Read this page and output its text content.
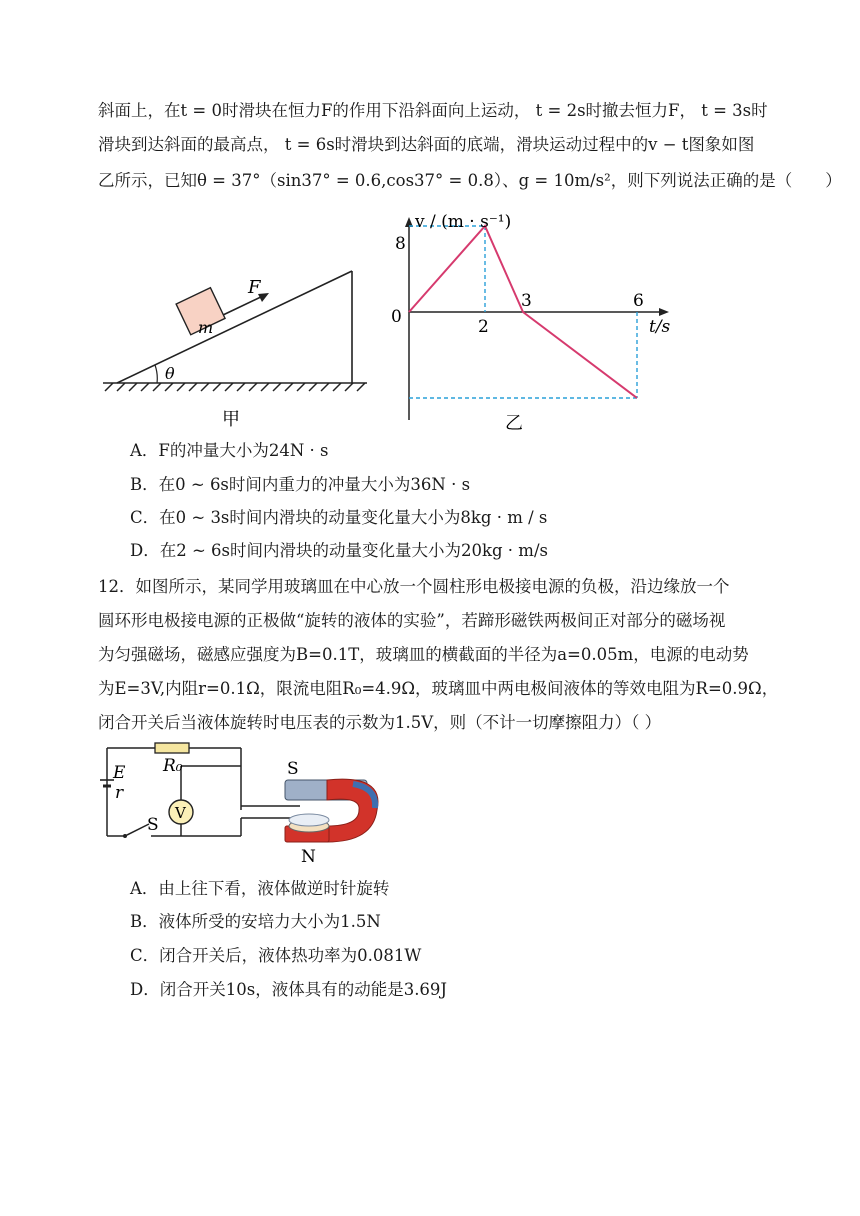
斜面上，在t = 0时滑块在恒力F的作用下沿斜面向上运动， t = 2s时撤去恒力F， t = 3s时
滑块到达斜面的最高点， t = 6s时滑块到达斜面的底端，滑块运动过程中的v − t图象如图
乙所示，已知θ = 37°（sin37° = 0.6,cos37° = 0.8）、g = 10m/s²，则下列说法正确的是（　　）
F
m
θ
甲
8
0	2
3	6
t/s
v / (m · s⁻¹)
乙
A．F的冲量大小为24N · s
B．在0 ~ 6s时间内重力的冲量大小为36N · s
C．在0 ~ 3s时间内滑块的动量变化量大小为8kg · m / s
D．在2 ~ 6s时间内滑块的动量变化量大小为20kg · m/s
12．如图所示，某同学用玻璃皿在中心放一个圆柱形电极接电源的负极，沿边缘放一个
圆环形电极接电源的正极做“旋转的液体的实验”，若蹄形磁铁两极间正对部分的磁场视
为匀强磁场，磁感应强度为B=0.1T，玻璃皿的横截面的半径为a=0.05m，电源的电动势
为E=3V,内阻r=0.1Ω，限流电阻R₀=4.9Ω，玻璃皿中两电极间液体的等效电阻为R=0.9Ω，
闭合开关后当液体旋转时电压表的示数为1.5V，则（不计一切摩擦阻力）（ ）
E
r
R₀
V
S
S
N
A．由上往下看，液体做逆时针旋转
B．液体所受的安培力大小为1.5N
C．闭合开关后，液体热功率为0.081W
D．闭合开关10s，液体具有的动能是3.69J
